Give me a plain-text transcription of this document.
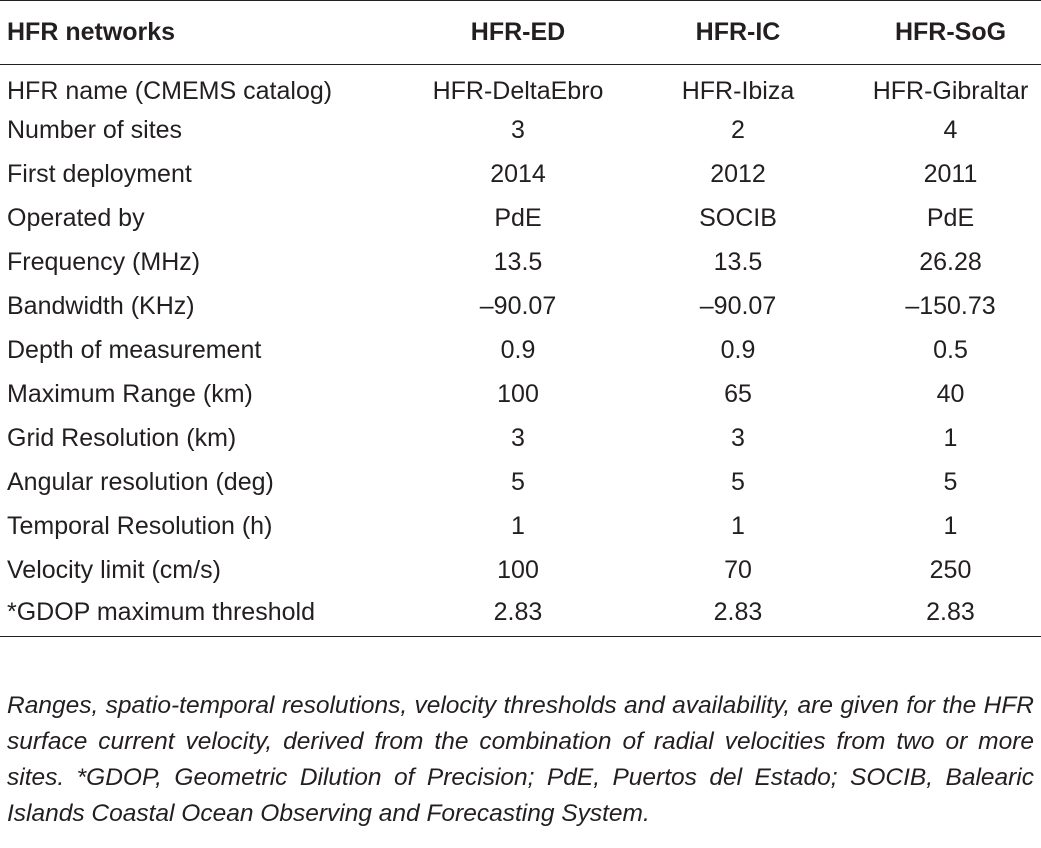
HFR networks	HFR-ED	HFR-IC	HFR-SoG
HFR name (CMEMS catalog)	HFR-DeltaEbro	HFR-Ibiza	HFR-Gibraltar
Number of sites	3	2	4
First deployment	2014	2012	2011
Operated by	PdE	SOCIB	PdE
Frequency (MHz)	13.5	13.5	26.28
Bandwidth (KHz)	–90.07	–90.07	–150.73
Depth of measurement	0.9	0.9	0.5
Maximum Range (km)	100	65	40
Grid Resolution (km)	3	3	1
Angular resolution (deg)	5	5	5
Temporal Resolution (h)	1	1	1
Velocity limit (cm/s)	100	70	250
*GDOP maximum threshold	2.83	2.83	2.83

Ranges, spatio-temporal resolutions, velocity thresholds and availability, are given for the HFR surface current velocity, derived from the combination of radial velocities from two or more sites. *GDOP, Geometric Dilution of Precision; PdE, Puertos del Estado; SOCIB, Balearic Islands Coastal Ocean Observing and Forecasting System.
